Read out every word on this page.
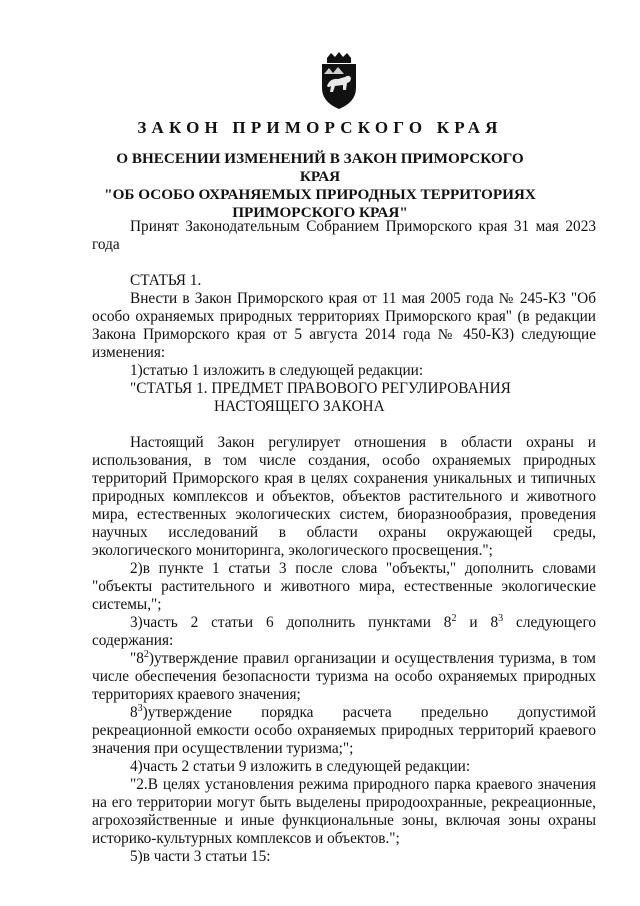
ЗАКОН ПРИМОРСКОГО КРАЯ
О ВНЕСЕНИИ ИЗМЕНЕНИЙ В ЗАКОН ПРИМОРСКОГО КРАЯ
"ОБ ОСОБО ОХРАНЯЕМЫХ ПРИРОДНЫХ ТЕРРИТОРИЯХ
ПРИМОРСКОГО КРАЯ"

Принят Законодательным Собранием Приморского края 31 мая 2023 года

СТАТЬЯ 1.

Внести в Закон Приморского края от 11 мая 2005 года № 245-КЗ "Об особо охраняемых природных территориях Приморского края" (в редакции Закона Приморского края от 5 августа 2014 года № 450-КЗ) следующие изменения:

1)статью 1 изложить в следующей редакции:

"СТАТЬЯ 1. ПРЕДМЕТ ПРАВОВОГО РЕГУЛИРОВАНИЯ

НАСТОЯЩЕГО ЗАКОНА

Настоящий Закон регулирует отношения в области охраны и использования, в том числе создания, особо охраняемых природных территорий Приморского края в целях сохранения уникальных и типичных природных комплексов и объектов, объектов растительного и животного мира, естественных экологических систем, биоразнообразия, проведения научных исследований в области охраны окружающей среды, экологического мониторинга, экологического просвещения.";

2)в пункте 1 статьи 3 после слова "объекты," дополнить словами "объекты растительного и животного мира, естественные экологические системы,";

3)часть 2 статьи 6 дополнить пунктами $8^2$ и $8^3$ следующего содержания:

"$8^2)утверждение$ правил организации и осуществления туризма, в том числе обеспечения безопасности туризма на особо охраняемых природных территориях краевого значения;

$8^3)утверждение$ порядка расчета предельно допустимой рекреационной емкости особо охраняемых природных территорий краевого значения при осуществлении туризма;";

4)часть 2 статьи 9 изложить в следующей редакции:

"2.В целях установления режима природного парка краевого значения на его территории могут быть выделены природоохранные, рекреационные, агрохозяйственные и иные функциональные зоны, включая зоны охраны историко-культурных комплексов и объектов.";

5)в части 3 статьи 15:
